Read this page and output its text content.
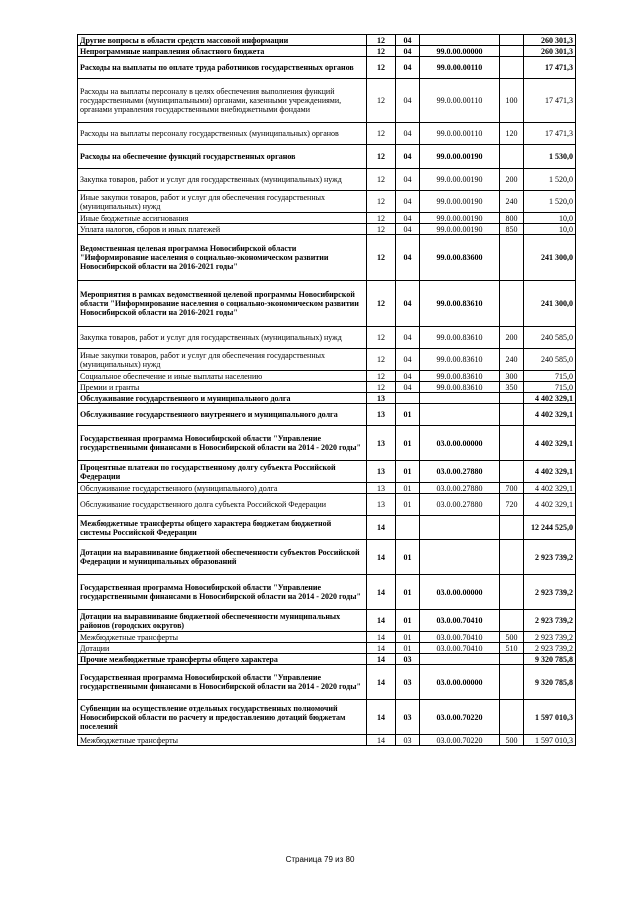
Другие вопросы в области средств массовой информации	12	04			260 301,3
Непрограммные направления областного бюджета	12	04	99.0.00.00000		260 301,3
Расходы на выплаты по оплате труда работников государственных органов	12	04	99.0.00.00110		17 471,3
Расходы на выплаты персоналу в целях обеспечения выполнения функций государственными (муниципальными) органами, казенными учреждениями, органами управления государственными внебюджетными фондами	12	04	99.0.00.00110	100	17 471,3
Расходы на выплаты персоналу государственных (муниципальных) органов	12	04	99.0.00.00110	120	17 471,3
Расходы на обеспечение функций государственных органов	12	04	99.0.00.00190		1 530,0
Закупка товаров, работ и услуг для государственных (муниципальных) нужд	12	04	99.0.00.00190	200	1 520,0
Иные закупки товаров, работ и услуг для обеспечения государственных (муниципальных) нужд	12	04	99.0.00.00190	240	1 520,0
Иные бюджетные ассигнования	12	04	99.0.00.00190	800	10,0
Уплата налогов, сборов и иных платежей	12	04	99.0.00.00190	850	10,0
Ведомственная целевая программа Новосибирской области "Информирование населения о социально-экономическом развитии Новосибирской области на 2016-2021 годы"	12	04	99.0.00.83600		241 300,0
Мероприятия в рамках ведомственной целевой программы Новосибирской области "Информирование населения о социально-экономическом развитии Новосибирской области на 2016-2021 годы"	12	04	99.0.00.83610		241 300,0
Закупка товаров, работ и услуг для государственных (муниципальных) нужд	12	04	99.0.00.83610	200	240 585,0
Иные закупки товаров, работ и услуг для обеспечения государственных (муниципальных) нужд	12	04	99.0.00.83610	240	240 585,0
Социальное обеспечение и иные выплаты населению	12	04	99.0.00.83610	300	715,0
Премии и гранты	12	04	99.0.00.83610	350	715,0
Обслуживание государственного и муниципального долга	13				4 402 329,1
Обслуживание государственного внутреннего и муниципального долга	13	01			4 402 329,1
Государственная программа Новосибирской области "Управление государственными финансами в Новосибирской области на 2014 - 2020 годы"	13	01	03.0.00.00000		4 402 329,1
Процентные платежи по государственному долгу субъекта Российской Федерации	13	01	03.0.00.27880		4 402 329,1
Обслуживание государственного (муниципального) долга	13	01	03.0.00.27880	700	4 402 329,1
Обслуживание государственного долга субъекта Российской Федерации	13	01	03.0.00.27880	720	4 402 329,1
Межбюджетные трансферты общего характера бюджетам бюджетной системы Российской Федерации	14				12 244 525,0
Дотации на выравнивание бюджетной обеспеченности субъектов Российской Федерации и муниципальных образований	14	01			2 923 739,2
Государственная программа Новосибирской области "Управление государственными финансами в Новосибирской области на 2014 - 2020 годы"	14	01	03.0.00.00000		2 923 739,2
Дотации на выравнивание бюджетной обеспеченности муниципальных районов (городских округов)	14	01	03.0.00.70410		2 923 739,2
Межбюджетные трансферты	14	01	03.0.00.70410	500	2 923 739,2
Дотации	14	01	03.0.00.70410	510	2 923 739,2
Прочие межбюджетные трансферты общего характера	14	03			9 320 785,8
Государственная программа Новосибирской области "Управление государственными финансами в Новосибирской области на 2014 - 2020 годы"	14	03	03.0.00.00000		9 320 785,8
Субвенции на осуществление отдельных государственных полномочий Новосибирской области по расчету и предоставлению дотаций бюджетам поселений	14	03	03.0.00.70220		1 597 010,3
Межбюджетные трансферты	14	03	03.0.00.70220	500	1 597 010,3
Страница 79 из 80
